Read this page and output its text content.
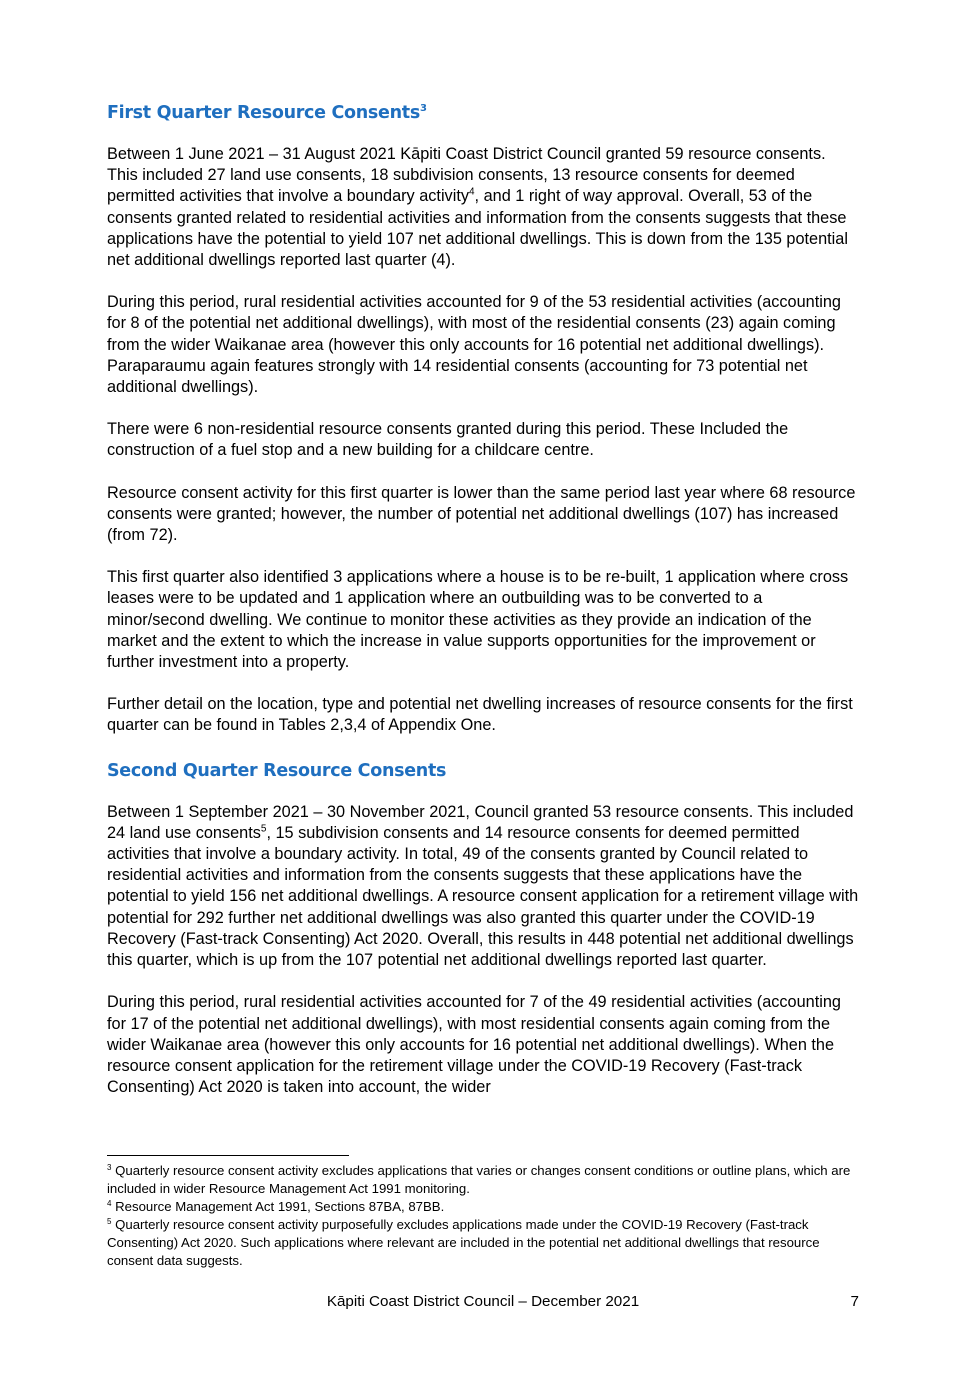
First Quarter Resource Consents$^3$

Between 1 June 2021 – 31 August 2021 Kāpiti Coast District Council granted 59 resource consents. This included 27 land use consents, 18 subdivision consents, 13 resource consents for deemed permitted activities that involve a boundary activity$^4$, and 1 right of way approval. Overall, 53 of the consents granted related to residential activities and information from the consents suggests that these applications have the potential to yield 107 net additional dwellings. This is down from the 135 potential net additional dwellings reported last quarter (4).

During this period, rural residential activities accounted for 9 of the 53 residential activities (accounting for 8 of the potential net additional dwellings), with most of the residential consents (23) again coming from the wider Waikanae area (however this only accounts for 16 potential net additional dwellings). Paraparaumu again features strongly with 14 residential consents (accounting for 73 potential net additional dwellings).

There were 6 non-residential resource consents granted during this period. These Included the construction of a fuel stop and a new building for a childcare centre.

Resource consent activity for this first quarter is lower than the same period last year where 68 resource consents were granted; however, the number of potential net additional dwellings (107) has increased (from 72).

This first quarter also identified 3 applications where a house is to be re-built, 1 application where cross leases were to be updated and 1 application where an outbuilding was to be converted to a minor/second dwelling. We continue to monitor these activities as they provide an indication of the market and the extent to which the increase in value supports opportunities for the improvement or further investment into a property.

Further detail on the location, type and potential net dwelling increases of resource consents for the first quarter can be found in Tables 2,3,4 of Appendix One.

Second Quarter Resource Consents

Between 1 September 2021 – 30 November 2021, Council granted 53 resource consents. This included 24 land use consents$^5$, 15 subdivision consents and 14 resource consents for deemed permitted activities that involve a boundary activity. In total, 49 of the consents granted by Council related to residential activities and information from the consents suggests that these applications have the potential to yield 156 net additional dwellings. A resource consent application for a retirement village with potential for 292 further net additional dwellings was also granted this quarter under the COVID-19 Recovery (Fast-track Consenting) Act 2020. Overall, this results in 448 potential net additional dwellings this quarter, which is up from the 107 potential net additional dwellings reported last quarter.

During this period, rural residential activities accounted for 7 of the 49 residential activities (accounting for 17 of the potential net additional dwellings), with most residential consents again coming from the wider Waikanae area (however this only accounts for 16 potential net additional dwellings). When the resource consent application for the retirement village under the COVID-19 Recovery (Fast-track Consenting) Act 2020 is taken into account, the wider

$^3$ Quarterly resource consent activity excludes applications that varies or changes consent conditions or outline plans, which are included in wider Resource Management Act 1991 monitoring.

$^4$ Resource Management Act 1991, Sections 87BA, 87BB.

$^5$ Quarterly resource consent activity purposefully excludes applications made under the COVID-19 Recovery (Fast-track Consenting) Act 2020. Such applications where relevant are included in the potential net additional dwellings that resource consent data suggests.

Kāpiti Coast District Council – December 2021	7
